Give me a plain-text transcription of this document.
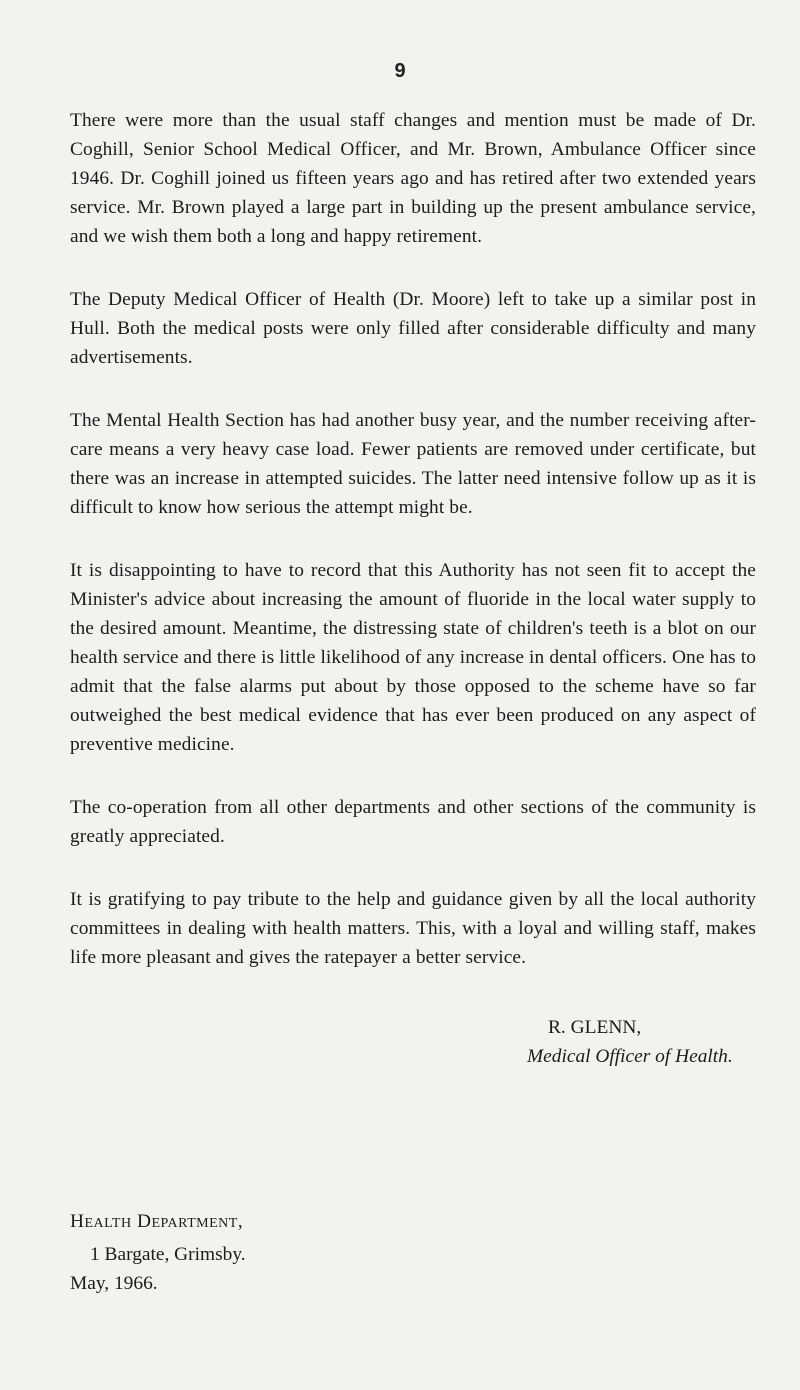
9

There were more than the usual staff changes and mention must be made of Dr. Coghill, Senior School Medical Officer, and Mr. Brown, Ambulance Officer since 1946. Dr. Coghill joined us fifteen years ago and has retired after two extended years service. Mr. Brown played a large part in building up the present ambulance service, and we wish them both a long and happy retirement.

The Deputy Medical Officer of Health (Dr. Moore) left to take up a similar post in Hull. Both the medical posts were only filled after considerable difficulty and many advertisements.

The Mental Health Section has had another busy year, and the number receiving after-care means a very heavy case load. Fewer patients are removed under certificate, but there was an increase in attempted suicides. The latter need intensive follow up as it is difficult to know how serious the attempt might be.

It is disappointing to have to record that this Authority has not seen fit to accept the Minister's advice about increasing the amount of fluoride in the local water supply to the desired amount. Meantime, the distressing state of children's teeth is a blot on our health service and there is little likelihood of any increase in dental officers. One has to admit that the false alarms put about by those opposed to the scheme have so far outweighed the best medical evidence that has ever been produced on any aspect of preventive medicine.

The co-operation from all other departments and other sections of the community is greatly appreciated.

It is gratifying to pay tribute to the help and guidance given by all the local authority committees in dealing with health matters. This, with a loyal and willing staff, makes life more pleasant and gives the ratepayer a better service.

R. GLENN,
Medical Officer of Health.
Health Department,
1 Bargate, Grimsby.
May, 1966.
